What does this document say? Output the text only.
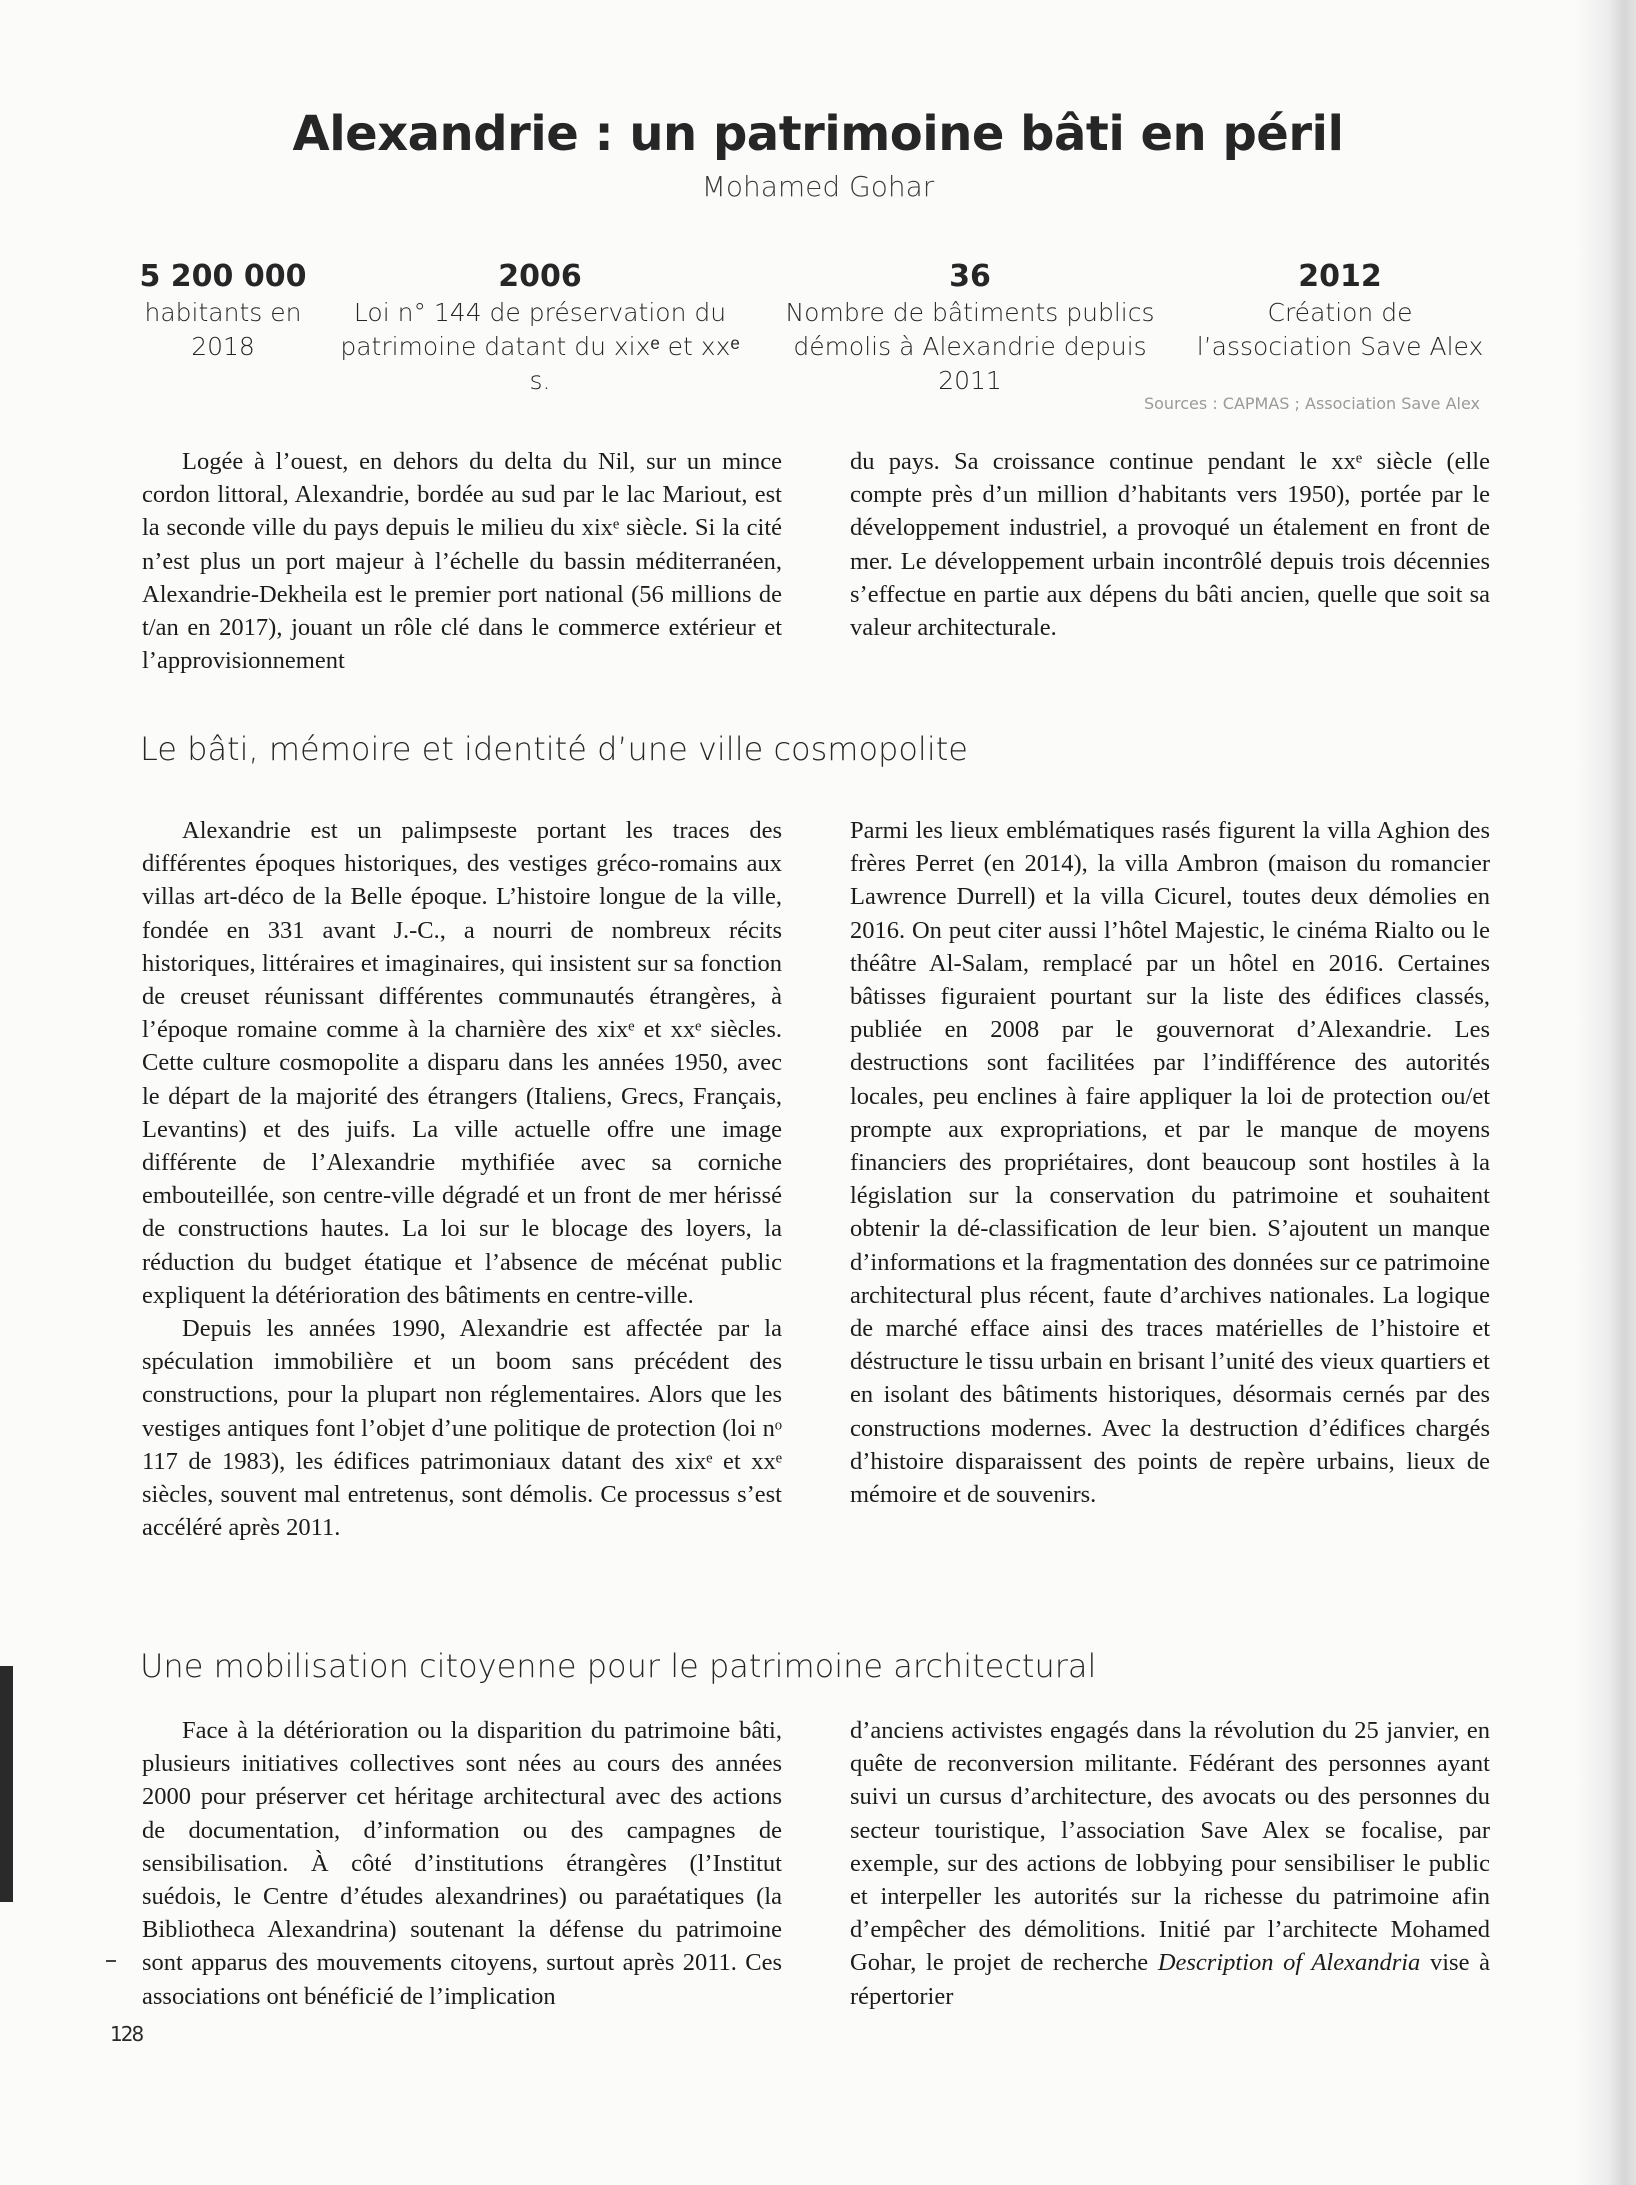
Alexandrie : un patrimoine bâti en péril
Mohamed Gohar
5 200 000
habitants en
2018
2006
Loi n° 144 de préservation du
patrimoine datant du xixᵉ et xxᵉ s.
36
Nombre de bâtiments publics
démolis à Alexandrie depuis 2011
2012
Création de
l’association Save Alex
Sources : CAPMAS ; Association Save Alex

Logée à l’ouest, en dehors du delta du Nil, sur un mince cordon littoral, Alexandrie, bordée au sud par le lac Mariout, est la seconde ville du pays depuis le milieu du xixᵉ siècle. Si la cité n’est plus un port majeur à l’échelle du bassin méditerranéen, Alexandrie-Dekheila est le premier port national (56 millions de t/an en 2017), jouant un rôle clé dans le commerce extérieur et l’approvisionnement

du pays. Sa croissance continue pendant le xxᵉ siècle (elle compte près d’un million d’habitants vers 1950), portée par le développement industriel, a provoqué un étalement en front de mer. Le développement urbain incontrôlé depuis trois décennies s’effectue en partie aux dépens du bâti ancien, quelle que soit sa valeur architecturale.

Le bâti, mémoire et identité d’une ville cosmopolite

Alexandrie est un palimpseste portant les traces des différentes époques historiques, des vestiges gréco-romains aux villas art-déco de la Belle époque. L’histoire longue de la ville, fondée en 331 avant J.-C., a nourri de nombreux récits historiques, littéraires et imaginaires, qui insistent sur sa fonction de creuset réunissant différentes communautés étrangères, à l’époque romaine comme à la charnière des xixᵉ et xxᵉ siècles. Cette culture cosmopolite a disparu dans les années 1950, avec le départ de la majorité des étrangers (Italiens, Grecs, Français, Levantins) et des juifs. La ville actuelle offre une image différente de l’Alexandrie mythifiée avec sa corniche embouteillée, son centre-ville dégradé et un front de mer hérissé de constructions hautes. La loi sur le blocage des loyers, la réduction du budget étatique et l’absence de mécénat public expliquent la détérioration des bâtiments en centre-ville.

Depuis les années 1990, Alexandrie est affectée par la spéculation immobilière et un boom sans précédent des constructions, pour la plupart non réglementaires. Alors que les vestiges antiques font l’objet d’une politique de protection (loi nᵒ 117 de 1983), les édifices patrimoniaux datant des xixᵉ et xxᵉ siècles, souvent mal entretenus, sont démolis. Ce processus s’est accéléré après 2011.

Parmi les lieux emblématiques rasés figurent la villa Aghion des frères Perret (en 2014), la villa Ambron (maison du romancier Lawrence Durrell) et la villa Cicurel, toutes deux démolies en 2016. On peut citer aussi l’hôtel Majestic, le cinéma Rialto ou le théâtre Al-Salam, remplacé par un hôtel en 2016. Certaines bâtisses figuraient pourtant sur la liste des édifices classés, publiée en 2008 par le gouvernorat d’Alexandrie. Les destructions sont facilitées par l’indifférence des autorités locales, peu enclines à faire appliquer la loi de protection ou/et prompte aux expropriations, et par le manque de moyens financiers des propriétaires, dont beaucoup sont hostiles à la législation sur la conservation du patrimoine et souhaitent obtenir la dé-classification de leur bien. S’ajoutent un manque d’informations et la fragmentation des données sur ce patrimoine architectural plus récent, faute d’archives nationales. La logique de marché efface ainsi des traces matérielles de l’histoire et déstructure le tissu urbain en brisant l’unité des vieux quartiers et en isolant des bâtiments historiques, désormais cernés par des constructions modernes. Avec la destruction d’édifices chargés d’histoire disparaissent des points de repère urbains, lieux de mémoire et de souvenirs.

Une mobilisation citoyenne pour le patrimoine architectural

Face à la détérioration ou la disparition du patrimoine bâti, plusieurs initiatives collectives sont nées au cours des années 2000 pour préserver cet héritage architectural avec des actions de documentation, d’information ou des campagnes de sensibilisation. À côté d’institutions étrangères (l’Institut suédois, le Centre d’études alexandrines) ou paraétatiques (la Bibliotheca Alexandrina) soutenant la défense du patrimoine sont apparus des mouvements citoyens, surtout après 2011. Ces associations ont bénéficié de l’implication

d’anciens activistes engagés dans la révolution du 25 janvier, en quête de reconversion militante. Fédérant des personnes ayant suivi un cursus d’architecture, des avocats ou des personnes du secteur touristique, l’association Save Alex se focalise, par exemple, sur des actions de lobbying pour sensibiliser le public et interpeller les autorités sur la richesse du patrimoine afin d’empêcher des démolitions. Initié par l’architecte Mohamed Gohar, le projet de recherche Description of Alexandria vise à répertorier

128
